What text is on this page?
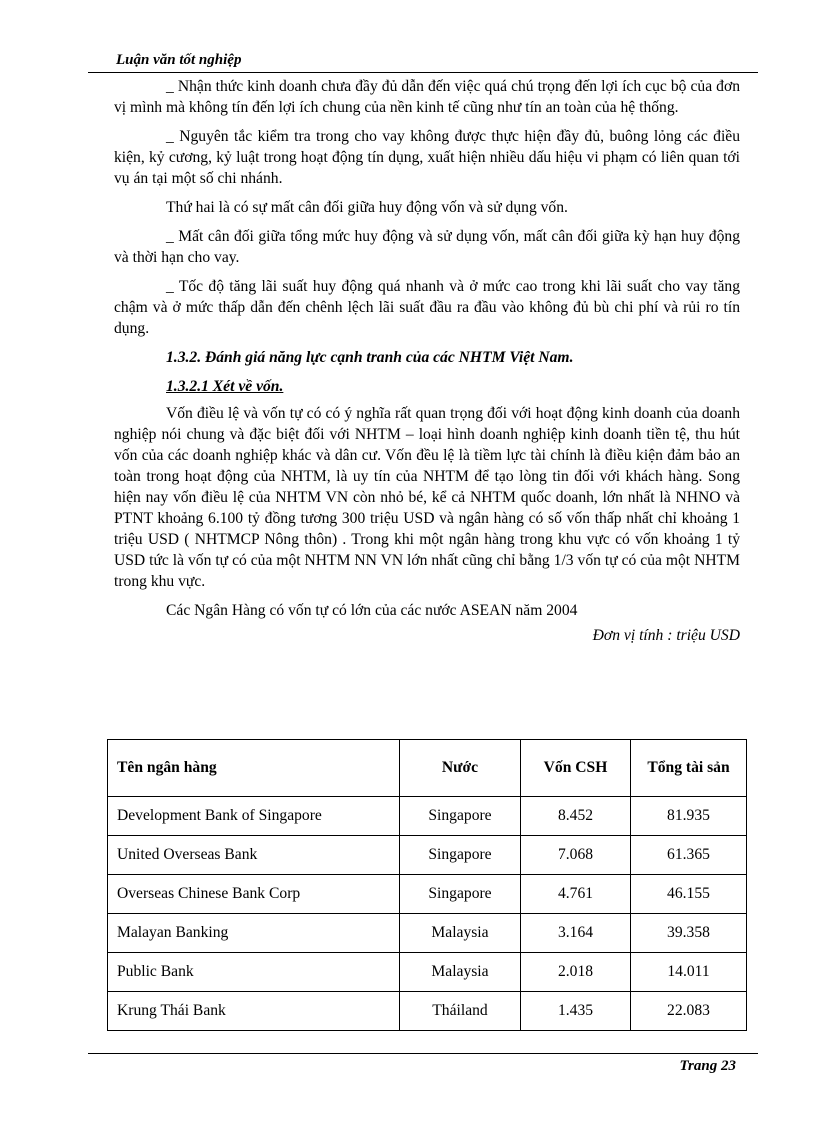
Luận văn tốt nghiệp

_ Nhận thức kinh doanh chưa đầy đủ dẫn đến việc quá chú trọng đến lợi ích cục bộ của đơn vị mình mà không tín đến lợi ích chung của nền kinh tế cũng như tín an toàn của hệ thống.

_ Nguyên tắc kiểm tra trong cho vay không được thực hiện đầy đủ, buông lỏng các điều kiện, kỷ cương, kỷ luật trong hoạt động tín dụng, xuất hiện nhiều dấu hiệu vi phạm có liên quan tới vụ án tại một số chi nhánh.

Thứ hai là có sự mất cân đối giữa huy động vốn và sử dụng vốn.

_ Mất cân đối giữa tổng mức huy động và sử dụng vốn, mất cân đối giữa kỳ hạn huy động và thời hạn cho vay.

_ Tốc độ tăng lãi suất huy động quá nhanh và ở mức cao trong khi lãi suất cho vay tăng chậm và ở mức thấp dẫn đến chênh lệch lãi suất đầu ra đầu vào không đủ bù chi phí và rủi ro tín dụng.

1.3.2. Đánh giá năng lực cạnh tranh của các NHTM Việt Nam.

1.3.2.1 Xét về vốn.

Vốn điều lệ và vốn tự có có ý nghĩa rất quan trọng đối với hoạt động kinh doanh của doanh nghiệp nói chung và đặc biệt đối với NHTM – loại hình doanh nghiệp kinh doanh tiền tệ, thu hút vốn của các doanh nghiệp khác và dân cư. Vốn đều lệ là tiềm lực tài chính là điều kiện đảm bảo an toàn trong hoạt động của NHTM, là uy tín của NHTM để tạo lòng tin đối với khách hàng. Song hiện nay vốn điều lệ của NHTM VN còn nhỏ bé, kể cả NHTM quốc doanh, lớn nhất là NHNO và PTNT khoảng 6.100 tỷ đồng tương 300 triệu USD và ngân hàng có số vốn thấp nhất chỉ khoảng 1 triệu USD ( NHTMCP Nông thôn) . Trong khi một ngân hàng trong khu vực có vốn khoảng 1 tỷ USD tức là vốn tự có của một NHTM NN VN lớn nhất cũng chỉ bằng 1/3 vốn tự có của một NHTM trong khu vực.

Các Ngân Hàng có vốn tự có lớn của các nước ASEAN năm 2004

Đơn vị tính : triệu USD

Tên ngân hàng	Nước	Vốn CSH	Tổng tài sản
Development Bank of Singapore	Singapore	8.452	81.935
United Overseas Bank	Singapore	7.068	61.365
Overseas Chinese Bank Corp	Singapore	4.761	46.155
Malayan Banking	Malaysia	3.164	39.358
Public Bank	Malaysia	2.018	14.011
Krung Thái Bank	Tháiland	1.435	22.083
Trang 23
